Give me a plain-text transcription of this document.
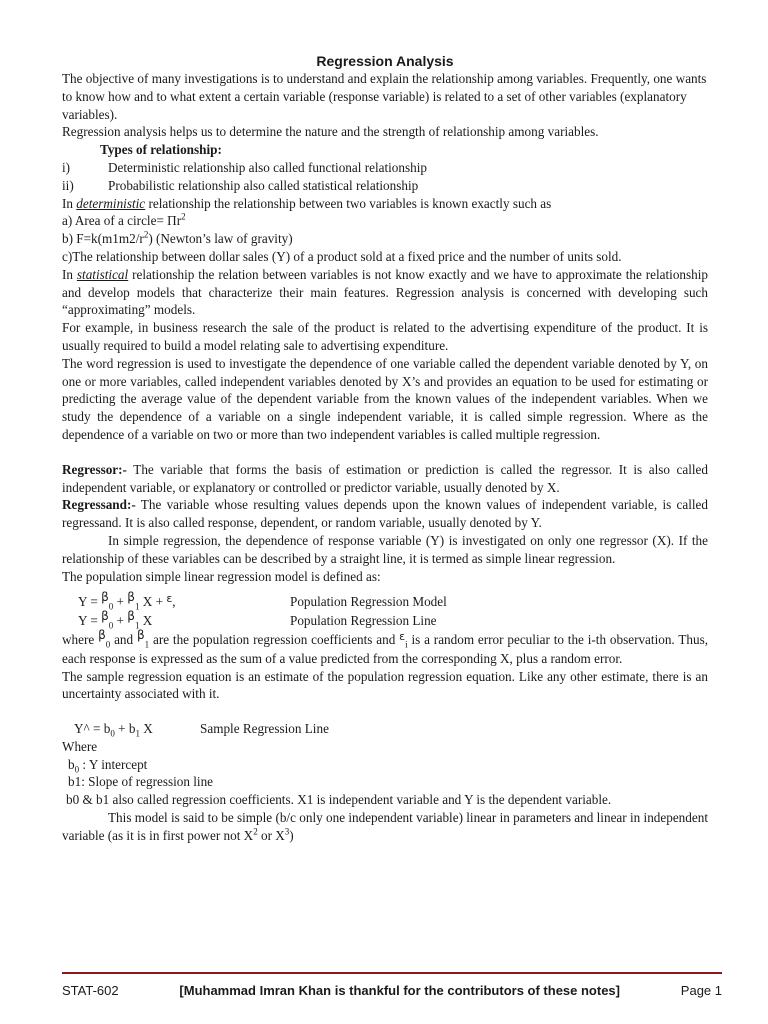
Regression Analysis

The objective of many investigations is to understand and explain the relationship among variables. Frequently, one wants to know how and to what extent a certain variable (response variable) is related to a set of other variables (explanatory variables).

Regression analysis helps us to determine the nature and the strength of relationship among variables.

Types of relationship:

i)	Deterministic relationship also called functional relationship
ii)	Probabilistic relationship also called statistical relationship

In deterministic relationship the relationship between two variables is known exactly such as

a) Area of a circle= $\Pi r^2$

b) $F=k(m1m2/r^2)$ (Newton’s law of gravity)

c)The relationship between dollar sales (Y) of a product sold at a fixed price and the number of units sold.

In statistical relationship the relation between variables is not know exactly and we have to approximate the relationship and develop models that characterize their main features. Regression analysis is concerned with developing such “approximating” models.

For example, in business research the sale of the product is related to the advertising expenditure of the product. It is usually required to build a model relating sale to advertising expenditure.

The word regression is used to investigate the dependence of one variable called the dependent variable denoted by Y, on one or more variables, called independent variables denoted by X’s and provides an equation to be used for estimating or predicting the average value of the dependent variable from the known values of the independent variables. When we study the dependence of a variable on a single independent variable, it is called simple regression. Where as the dependence of a variable on two or more than two independent variables is called multiple regression.

Regressor:- The variable that forms the basis of estimation or prediction is called the regressor. It is also called independent variable, or explanatory or controlled or predictor variable, usually denoted by X.

Regressand:- The variable whose resulting values depends upon the known values of independent variable, is called regressand. It is also called response, dependent, or random variable, usually denoted by Y.

In simple regression, the dependence of response variable (Y) is investigated on only one regressor (X). If the relationship of these variables can be described by a straight line, it is termed as simple linear regression.

The population simple linear regression model is defined as:

$Y = \beta_0 + \beta_1$ X + $^\varepsilon$,	Population Regression Model
$Y = \beta_0 + \beta_1$ X	Population Regression Line

where $\beta_0$ and $\beta_1$ are the population regression coefficients and $^\varepsilon_i$ is a random error peculiar to the i-th observation. Thus, each response is expressed as the sum of a value predicted from the corresponding X, plus a random error.

The sample regression equation is an estimate of the population regression equation. Like any other estimate, there is an uncertainty associated with it.

Y^ = $b_0 + b_1$ X	Sample Regression Line

Where

$b_0$ : Y intercept

b1: Slope of regression line

b0 & b1 also called regression coefficients. X1 is independent variable and Y is the dependent variable.

This model is said to be simple (b/c only one independent variable) linear in parameters and linear in independent variable (as it is in first power not $X^2$ or $X^3$)

STAT-602	[Muhammad Imran Khan is thankful for the contributors of these notes]	Page 1
